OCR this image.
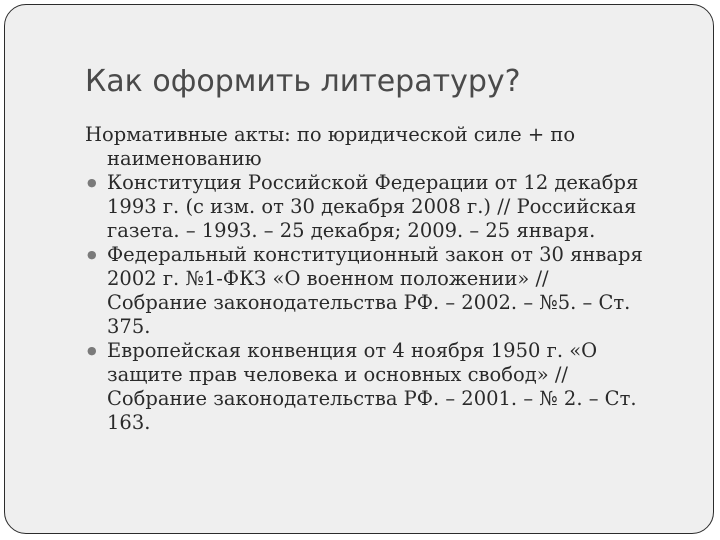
Как оформить литературу?

Нормативные акты: по юридической силе + по
наименованию

● Конституция Российской Федерации от 12 декабря
1993 г. (с изм. от 30 декабря 2008 г.) // Российская
газета. – 1993. – 25 декабря; 2009. – 25 января.
● Федеральный конституционный закон от 30 января
2002 г. №1-ФКЗ «О военном положении» //
Собрание законодательства РФ. – 2002. – №5. – Ст.
375.
● Европейская конвенция от 4 ноября 1950 г. «О
защите прав человека и основных свобод» //
Собрание законодательства РФ. – 2001. – № 2. – Ст.
163.
